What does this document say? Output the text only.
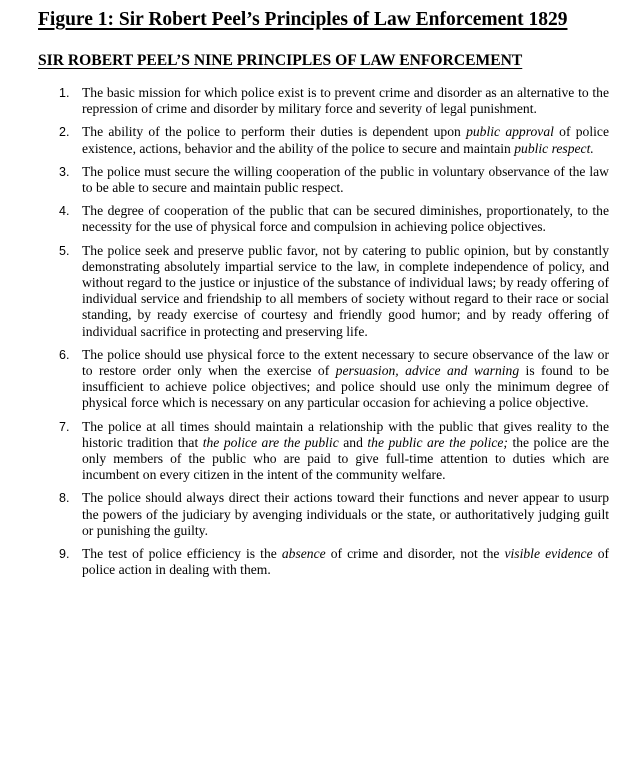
Figure 1: Sir Robert Peel’s Principles of Law Enforcement 1829
SIR ROBERT PEEL’S NINE PRINCIPLES OF LAW ENFORCEMENT
1. The basic mission for which police exist is to prevent crime and disorder as an alternative to the repression of crime and disorder by military force and severity of legal punishment.
2. The ability of the police to perform their duties is dependent upon public approval of police existence, actions, behavior and the ability of the police to secure and maintain public respect.
3. The police must secure the willing cooperation of the public in voluntary observance of the law to be able to secure and maintain public respect.
4. The degree of cooperation of the public that can be secured diminishes, proportionately, to the necessity for the use of physical force and compulsion in achieving police objectives.
5. The police seek and preserve public favor, not by catering to public opinion, but by constantly demonstrating absolutely impartial service to the law, in complete independence of policy, and without regard to the justice or injustice of the substance of individual laws; by ready offering of individual service and friendship to all members of society without regard to their race or social standing, by ready exercise of courtesy and friendly good humor; and by ready offering of individual sacrifice in protecting and preserving life.
6. The police should use physical force to the extent necessary to secure observance of the law or to restore order only when the exercise of persuasion, advice and warning is found to be insufficient to achieve police objectives; and police should use only the minimum degree of physical force which is necessary on any particular occasion for achieving a police objective.
7. The police at all times should maintain a relationship with the public that gives reality to the historic tradition that the police are the public and the public are the police; the police are the only members of the public who are paid to give full-time attention to duties which are incumbent on every citizen in the intent of the community welfare.
8. The police should always direct their actions toward their functions and never appear to usurp the powers of the judiciary by avenging individuals or the state, or authoritatively judging guilt or punishing the guilty.
9. The test of police efficiency is the absence of crime and disorder, not the visible evidence of police action in dealing with them.
